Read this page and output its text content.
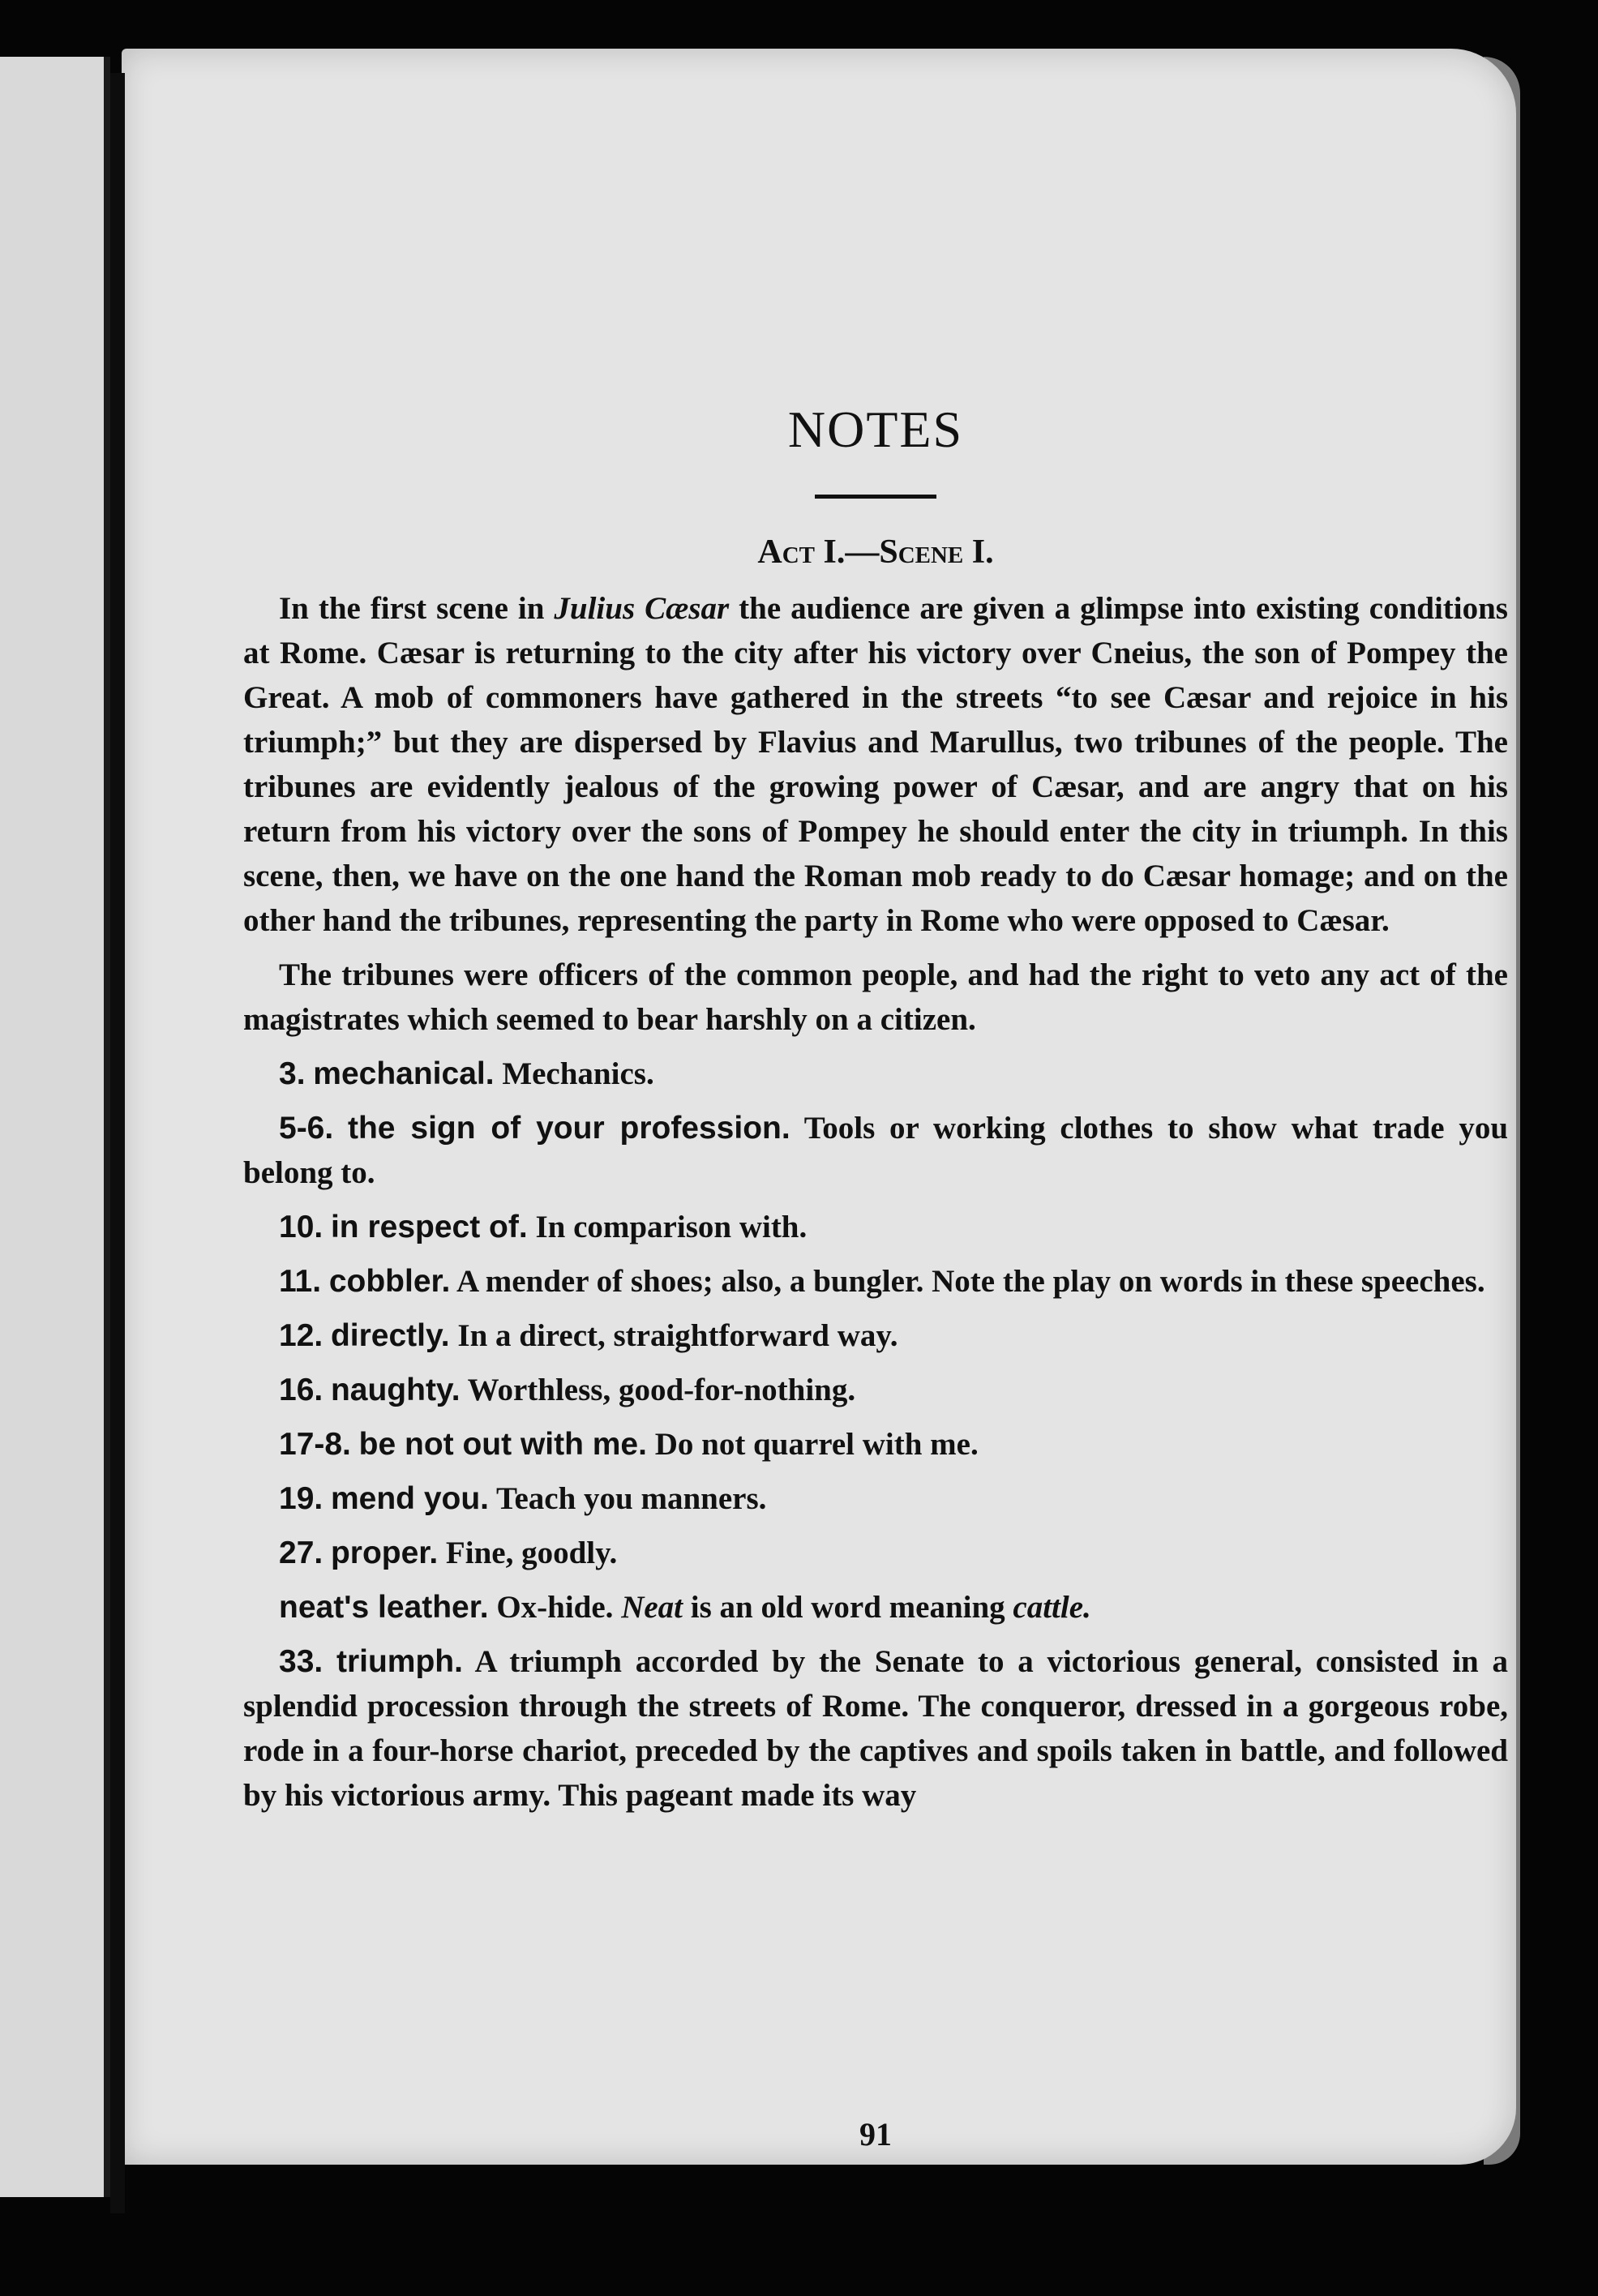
NOTES
Act I.—Scene I.

In the first scene in Julius Cæsar the audience are given a glimpse into existing conditions at Rome. Cæsar is returning to the city after his victory over Cneius, the son of Pompey the Great. A mob of commoners have gathered in the streets “to see Cæsar and rejoice in his triumph;” but they are dispersed by Flavius and Marullus, two tribunes of the people. The tribunes are evidently jealous of the growing power of Cæsar, and are angry that on his return from his victory over the sons of Pompey he should enter the city in triumph. In this scene, then, we have on the one hand the Roman mob ready to do Cæsar homage; and on the other hand the tribunes, representing the party in Rome who were opposed to Cæsar.

The tribunes were officers of the common people, and had the right to veto any act of the magistrates which seemed to bear harshly on a citizen.

3. mechanical. Mechanics.

5-6. the sign of your profession. Tools or working clothes to show what trade you belong to.

10. in respect of. In comparison with.

11. cobbler. A mender of shoes; also, a bungler. Note the play on words in these speeches.

12. directly. In a direct, straightforward way.

16. naughty. Worthless, good-for-nothing.

17-8. be not out with me. Do not quarrel with me.

19. mend you. Teach you manners.

27. proper. Fine, goodly.

neat's leather. Ox-hide. Neat is an old word meaning cattle.

33. triumph. A triumph accorded by the Senate to a victorious general, consisted in a splendid procession through the streets of Rome. The conqueror, dressed in a gorgeous robe, rode in a four-horse chariot, preceded by the captives and spoils taken in battle, and followed by his victorious army. This pageant made its way

91
